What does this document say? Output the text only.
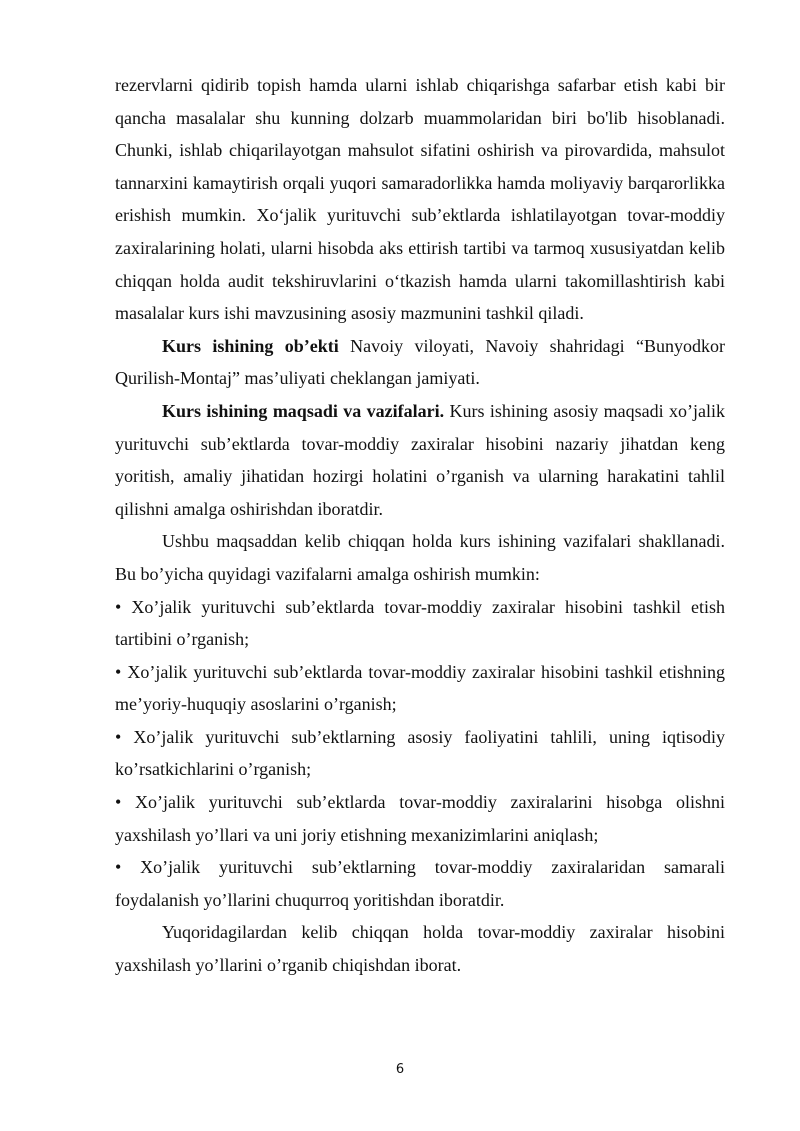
rezervlarni qidirib topish hamda ularni ishlab chiqarishga safarbar etish kabi bir qancha masalalar shu kunning dolzarb muammolaridan biri bo'lib hisoblanadi. Chunki, ishlab chiqarilayotgan mahsulot sifatini oshirish va pirovardida, mahsulot tannarxini kamaytirish orqali yuqori samaradorlikka hamda moliyaviy barqarorlikka erishish mumkin. Xo‘jalik yurituvchi sub’ektlarda ishlatilayotgan tovar-moddiy zaxiralarining holati, ularni hisobda aks ettirish tartibi va tarmoq xususiyatdan kelib chiqqan holda audit tekshiruvlarini o‘tkazish hamda ularni takomillashtirish kabi masalalar kurs ishi mavzusining asosiy mazmunini tashkil qiladi.

Kurs ishining ob’ekti Navoiy viloyati, Navoiy shahridagi “Bunyodkor Qurilish-Montaj” mas’uliyati cheklangan jamiyati.

Kurs ishining maqsadi va vazifalari. Kurs ishining asosiy maqsadi xo’jalik yurituvchi sub’ektlarda tovar-moddiy zaxiralar hisobini nazariy jihatdan keng yoritish, amaliy jihatidan hozirgi holatini o’rganish va ularning harakatini tahlil qilishni amalga oshirishdan iboratdir.

Ushbu maqsaddan kelib chiqqan holda kurs ishining vazifalari shakllanadi. Bu bo’yicha quyidagi vazifalarni amalga oshirish mumkin:

• Xo’jalik yurituvchi sub’ektlarda tovar-moddiy zaxiralar hisobini tashkil etish tartibini o’rganish;

• Xo’jalik yurituvchi sub’ektlarda tovar-moddiy zaxiralar hisobini tashkil etishning me’yoriy-huquqiy asoslarini o’rganish;

• Xo’jalik yurituvchi sub’ektlarning asosiy faoliyatini tahlili, uning iqtisodiy ko’rsatkichlarini o’rganish;

• Xo’jalik yurituvchi sub’ektlarda tovar-moddiy zaxiralarini hisobga olishni yaxshilash yo’llari va uni joriy etishning mexanizimlarini aniqlash;

• Xo’jalik yurituvchi sub’ektlarning tovar-moddiy zaxiralaridan samarali foydalanish yo’llarini chuqurroq yoritishdan iboratdir.

Yuqoridagilardan kelib chiqqan holda tovar-moddiy zaxiralar hisobini yaxshilash yo’llarini o’rganib chiqishdan iborat.

6
